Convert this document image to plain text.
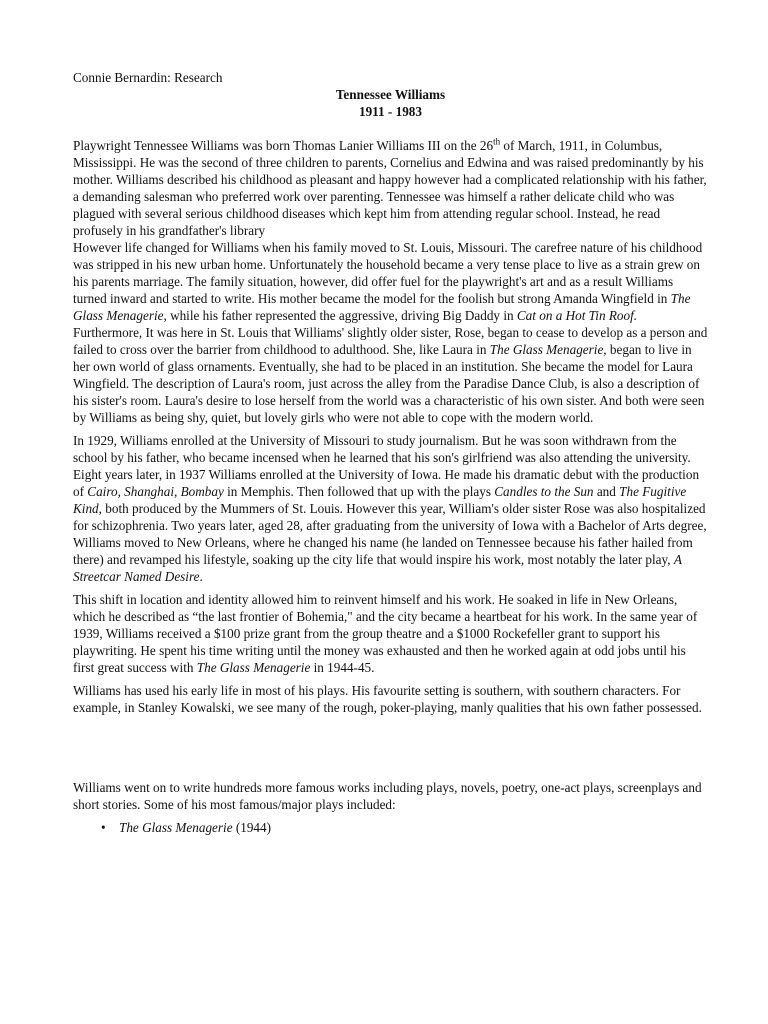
Connie Bernardin: Research

Tennessee Williams
1911 - 1983

Playwright Tennessee Williams was born Thomas Lanier Williams III on the 26th of March, 1911, in Columbus, Mississippi. He was the second of three children to parents, Cornelius and Edwina and was raised predominantly by his mother. Williams described his childhood as pleasant and happy however had a complicated relationship with his father, a demanding salesman who preferred work over parenting. Tennessee was himself a rather delicate child who was plagued with several serious childhood diseases which kept him from attending regular school. Instead, he read profusely in his grandfather's library

However life changed for Williams when his family moved to St. Louis, Missouri. The carefree nature of his childhood was stripped in his new urban home. Unfortunately the household became a very tense place to live as a strain grew on his parents marriage. The family situation, however, did offer fuel for the playwright's art and as a result Williams turned inward and started to write. His mother became the model for the foolish but strong Amanda Wingfield in The Glass Menagerie, while his father represented the aggressive, driving Big Daddy in Cat on a Hot Tin Roof. Furthermore, It was here in St. Louis that Williams' slightly older sister, Rose, began to cease to develop as a person and failed to cross over the barrier from childhood to adulthood. She, like Laura in The Glass Menagerie, began to live in her own world of glass ornaments. Eventually, she had to be placed in an institution. She became the model for Laura Wingfield. The description of Laura's room, just across the alley from the Paradise Dance Club, is also a description of his sister's room. Laura's desire to lose herself from the world was a characteristic of his own sister. And both were seen by Williams as being shy, quiet, but lovely girls who were not able to cope with the modern world.

In 1929, Williams enrolled at the University of Missouri to study journalism. But he was soon withdrawn from the school by his father, who became incensed when he learned that his son's girlfriend was also attending the university. Eight years later, in 1937 Williams enrolled at the University of Iowa. He made his dramatic debut with the production of Cairo, Shanghai, Bombay in Memphis. Then followed that up with the plays Candles to the Sun and The Fugitive Kind, both produced by the Mummers of St. Louis. However this year, William's older sister Rose was also hospitalized for schizophrenia. Two years later, aged 28, after graduating from the university of Iowa with a Bachelor of Arts degree, Williams moved to New Orleans, where he changed his name (he landed on Tennessee because his father hailed from there) and revamped his lifestyle, soaking up the city life that would inspire his work, most notably the later play, A Streetcar Named Desire.

This shift in location and identity allowed him to reinvent himself and his work. He soaked in life in New Orleans, which he described as “the last frontier of Bohemia," and the city became a heartbeat for his work. In the same year of 1939, Williams received a $100 prize grant from the group theatre and a $1000 Rockefeller grant to support his playwriting. He spent his time writing until the money was exhausted and then he worked again at odd jobs until his first great success with The Glass Menagerie in 1944-45.

Williams has used his early life in most of his plays. His favourite setting is southern, with southern characters. For example, in Stanley Kowalski, we see many of the rough, poker-playing, manly qualities that his own father possessed.

Williams went on to write hundreds more famous works including plays, novels, poetry, one-act plays, screenplays and short stories. Some of his most famous/major plays included:

• The Glass Menagerie (1944)
